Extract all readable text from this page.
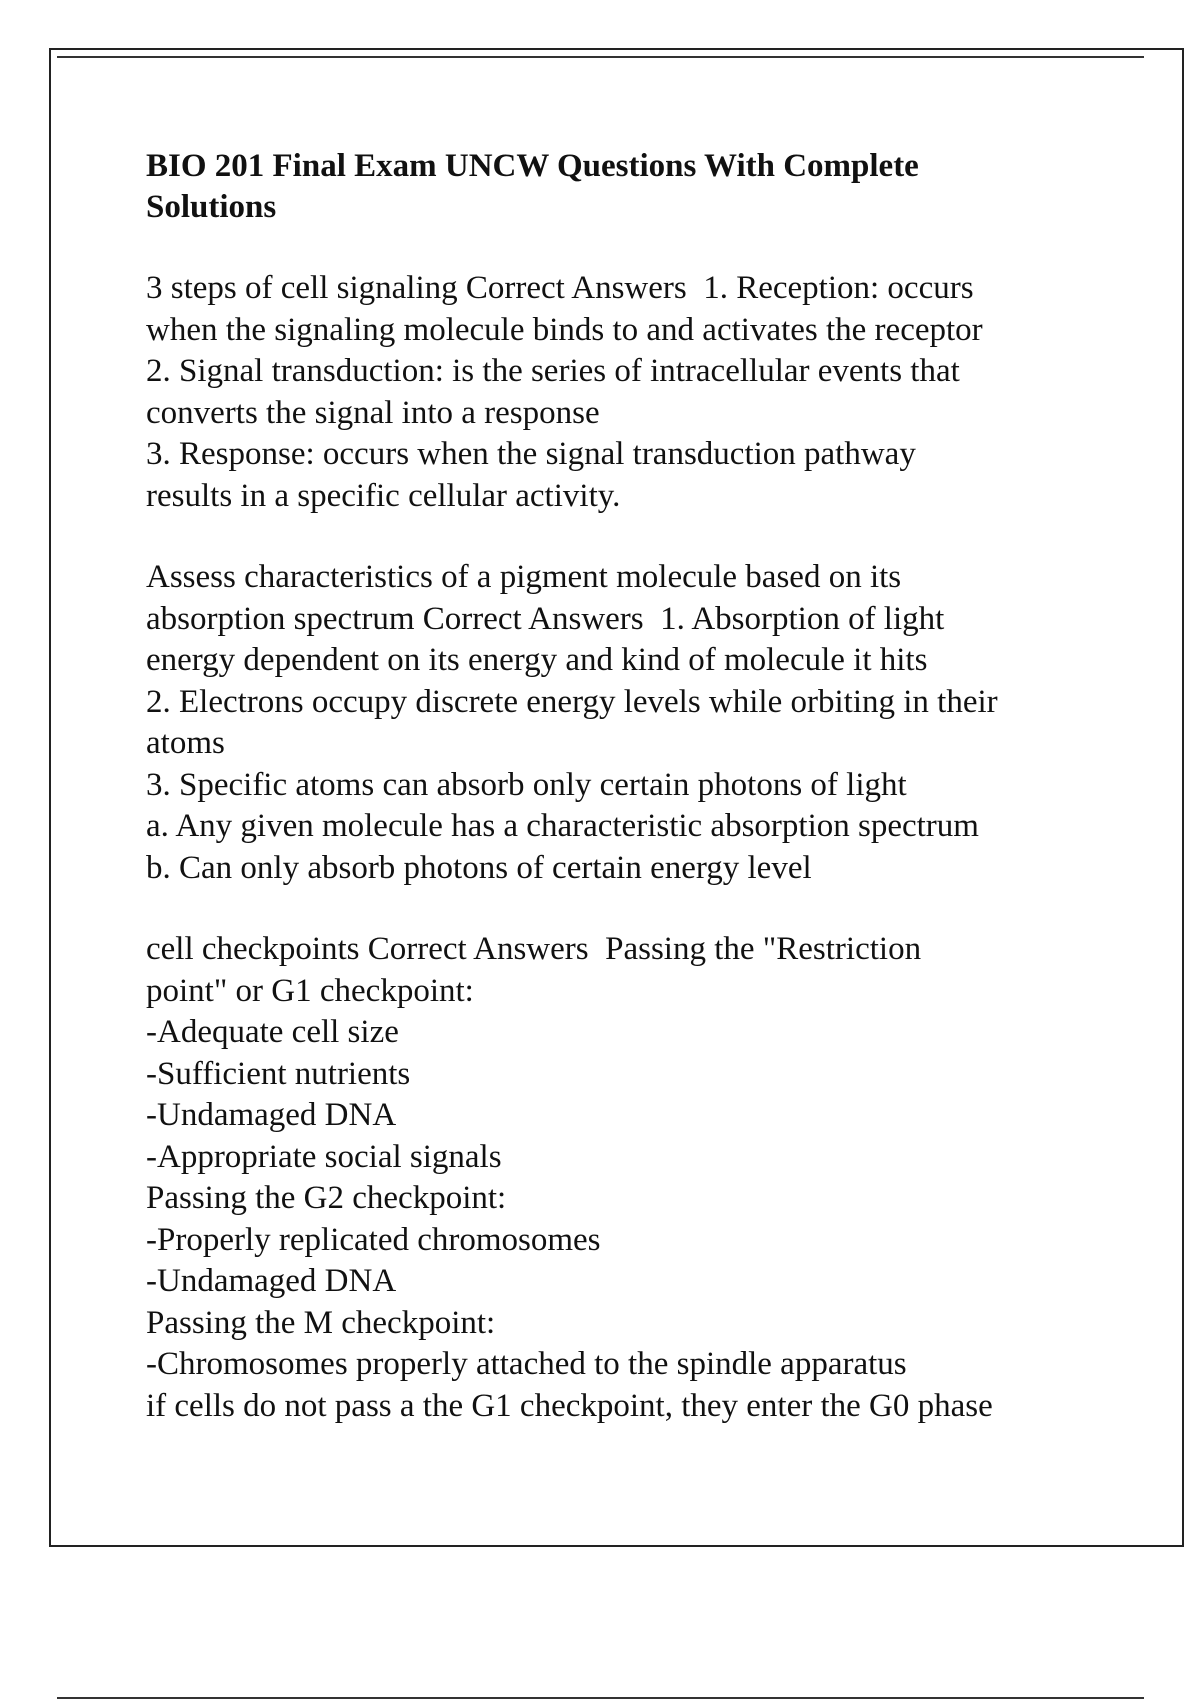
BIO 201 Final Exam UNCW Questions With Complete
Solutions
3 steps of cell signaling Correct Answers  1. Reception: occurs
when the signaling molecule binds to and activates the receptor
2. Signal transduction: is the series of intracellular events that
converts the signal into a response
3. Response: occurs when the signal transduction pathway
results in a specific cellular activity.
Assess characteristics of a pigment molecule based on its
absorption spectrum Correct Answers  1. Absorption of light
energy dependent on its energy and kind of molecule it hits
2. Electrons occupy discrete energy levels while orbiting in their
atoms
3. Specific atoms can absorb only certain photons of light
a. Any given molecule has a characteristic absorption spectrum
b. Can only absorb photons of certain energy level
cell checkpoints Correct Answers  Passing the "Restriction
point" or G1 checkpoint:
-Adequate cell size
-Sufficient nutrients
-Undamaged DNA
-Appropriate social signals
Passing the G2 checkpoint:
-Properly replicated chromosomes
-Undamaged DNA
Passing the M checkpoint:
-Chromosomes properly attached to the spindle apparatus
if cells do not pass a the G1 checkpoint, they enter the G0 phase
